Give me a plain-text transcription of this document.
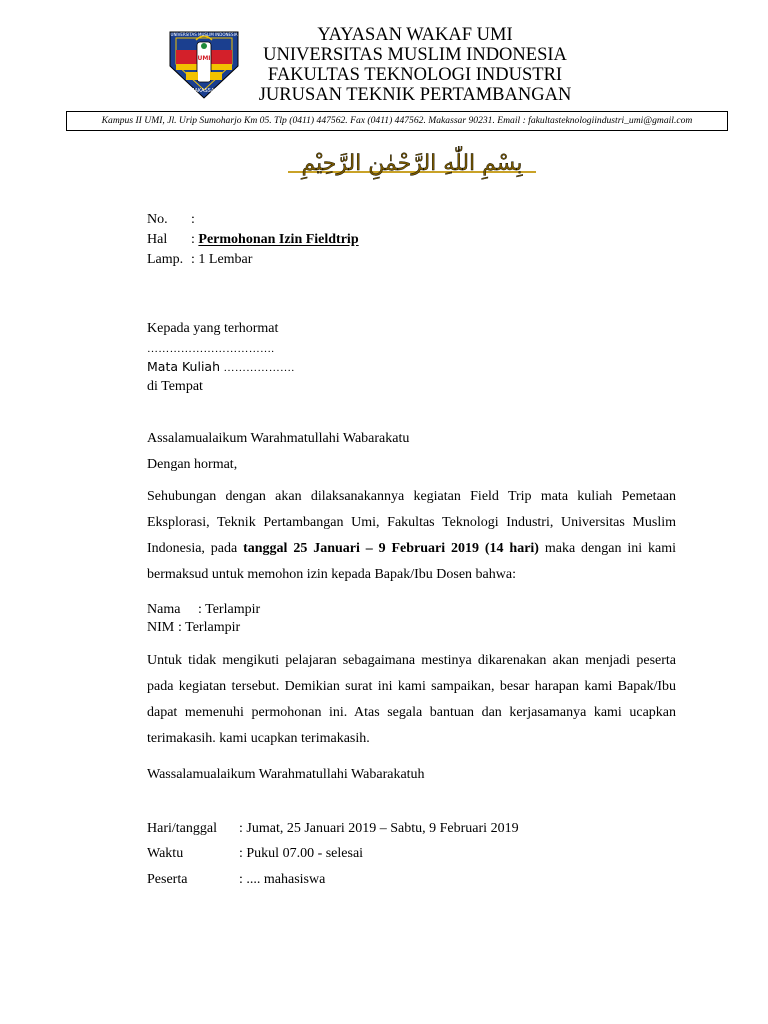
UNIVERSITAS MUSLIM INDONESIA
UMI
MAKASSAR
YAYASAN WAKAF UMI
UNIVERSITAS MUSLIM INDONESIA
FAKULTAS TEKNOLOGI INDUSTRI
JURUSAN TEKNIK PERTAMBANGAN
Kampus II UMI, Jl. Urip Sumoharjo Km 05. Tlp (0411) 447562. Fax (0411) 447562. Makassar 90231. Email : fakultasteknologiindustri_umi@gmail.com
بِسْمِ اللّٰهِ الرَّحْمٰنِ الرَّحِيْمِ
No. :
Hal : Permohonan Izin Fieldtrip
Lamp. : 1 Lembar
Kepada yang terhormat
…………………………….
Mata Kuliah ……………….
di Tempat
Assalamualaikum Warahmatullahi Wabarakatu
Dengan hormat,
Sehubungan dengan akan dilaksanakannya kegiatan Field Trip mata kuliah Pemetaan Eksplorasi, Teknik Pertambangan Umi, Fakultas Teknologi Industri, Universitas Muslim Indonesia, pada tanggal 25 Januari – 9 Februari 2019 (14 hari) maka dengan ini kami bermaksud untuk memohon izin kepada Bapak/Ibu Dosen bahwa:
Nama : Terlampir
NIM : Terlampir
Untuk tidak mengikuti pelajaran sebagaimana mestinya dikarenakan akan menjadi peserta pada kegiatan tersebut. Demikian surat ini kami sampaikan, besar harapan kami Bapak/Ibu dapat memenuhi permohonan ini. Atas segala bantuan dan kerjasamanya kami ucapkan terimakasih. kami ucapkan terimakasih.
Wassalamualaikum Warahmatullahi Wabarakatuh
Hari/tanggal : Jumat, 25 Januari 2019 – Sabtu, 9 Februari 2019
Waktu	: Pukul 07.00 - selesai
Peserta	: .... mahasiswa
